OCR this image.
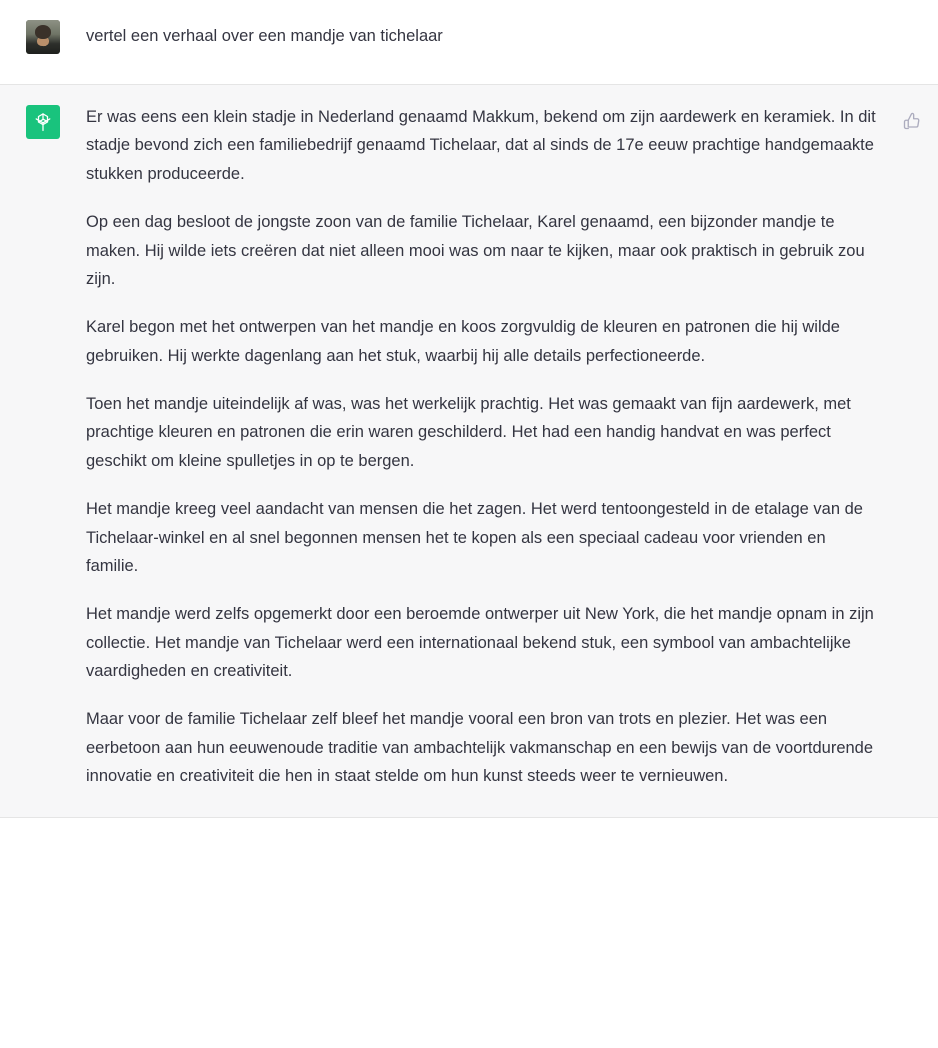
vertel een verhaal over een mandje van tichelaar

Er was eens een klein stadje in Nederland genaamd Makkum, bekend om zijn aardewerk en keramiek. In dit stadje bevond zich een familiebedrijf genaamd Tichelaar, dat al sinds de 17e eeuw prachtige handgemaakte stukken produceerde.

Op een dag besloot de jongste zoon van de familie Tichelaar, Karel genaamd, een bijzonder mandje te maken. Hij wilde iets creëren dat niet alleen mooi was om naar te kijken, maar ook praktisch in gebruik zou zijn.

Karel begon met het ontwerpen van het mandje en koos zorgvuldig de kleuren en patronen die hij wilde gebruiken. Hij werkte dagenlang aan het stuk, waarbij hij alle details perfectioneerde.

Toen het mandje uiteindelijk af was, was het werkelijk prachtig. Het was gemaakt van fijn aardewerk, met prachtige kleuren en patronen die erin waren geschilderd. Het had een handig handvat en was perfect geschikt om kleine spulletjes in op te bergen.

Het mandje kreeg veel aandacht van mensen die het zagen. Het werd tentoongesteld in de etalage van de Tichelaar-winkel en al snel begonnen mensen het te kopen als een speciaal cadeau voor vrienden en familie.

Het mandje werd zelfs opgemerkt door een beroemde ontwerper uit New York, die het mandje opnam in zijn collectie. Het mandje van Tichelaar werd een internationaal bekend stuk, een symbool van ambachtelijke vaardigheden en creativiteit.

Maar voor de familie Tichelaar zelf bleef het mandje vooral een bron van trots en plezier. Het was een eerbetoon aan hun eeuwenoude traditie van ambachtelijk vakmanschap en een bewijs van de voortdurende innovatie en creativiteit die hen in staat stelde om hun kunst steeds weer te vernieuwen.
